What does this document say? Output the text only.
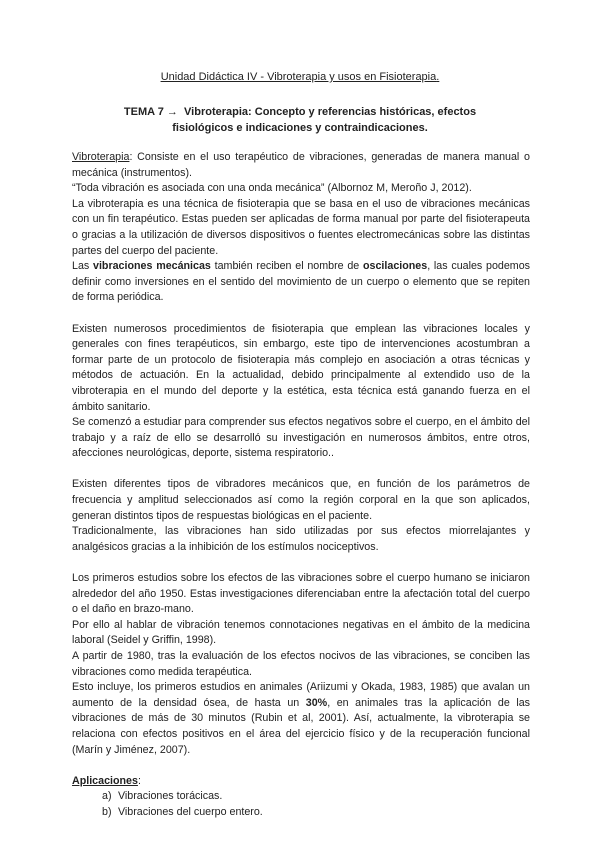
Unidad Didáctica IV - Vibroterapia y usos en Fisioterapia.
TEMA 7 → Vibroterapia: Concepto y referencias históricas, efectos
fisiológicos e indicaciones y contraindicaciones.

Vibroterapia: Consiste en el uso terapéutico de vibraciones, generadas de manera manual o mecánica (instrumentos).

“Toda vibración es asociada con una onda mecánica” (Albornoz M, Meroño J, 2012).

La vibroterapia es una técnica de fisioterapia que se basa en el uso de vibraciones mecánicas con un fin terapéutico. Estas pueden ser aplicadas de forma manual por parte del fisioterapeuta o gracias a la utilización de diversos dispositivos o fuentes electromecánicas sobre las distintas partes del cuerpo del paciente.

Las vibraciones mecánicas también reciben el nombre de oscilaciones, las cuales podemos definir como inversiones en el sentido del movimiento de un cuerpo o elemento que se repiten de forma periódica.

Existen numerosos procedimientos de fisioterapia que emplean las vibraciones locales y generales con fines terapéuticos, sin embargo, este tipo de intervenciones acostumbran a formar parte de un protocolo de fisioterapia más complejo en asociación a otras técnicas y métodos de actuación. En la actualidad, debido principalmente al extendido uso de la vibroterapia en el mundo del deporte y la estética, esta técnica está ganando fuerza en el ámbito sanitario.

Se comenzó a estudiar para comprender sus efectos negativos sobre el cuerpo, en el ámbito del trabajo y a raíz de ello se desarrolló su investigación en numerosos ámbitos, entre otros, afecciones neurológicas, deporte, sistema respiratorio..

Existen diferentes tipos de vibradores mecánicos que, en función de los parámetros de frecuencia y amplitud seleccionados así como la región corporal en la que son aplicados, generan distintos tipos de respuestas biológicas en el paciente.

Tradicionalmente, las vibraciones han sido utilizadas por sus efectos miorrelajantes y analgésicos gracias a la inhibición de los estímulos nociceptivos.

Los primeros estudios sobre los efectos de las vibraciones sobre el cuerpo humano se iniciaron alrededor del año 1950. Estas investigaciones diferenciaban entre la afectación total del cuerpo o el daño en brazo-mano.

Por ello al hablar de vibración tenemos connotaciones negativas en el ámbito de la medicina laboral (Seidel y Griffin, 1998).

A partir de 1980, tras la evaluación de los efectos nocivos de las vibraciones, se conciben las vibraciones como medida terapéutica.

Esto incluye, los primeros estudios en animales (Ariizumi y Okada, 1983, 1985) que avalan un aumento de la densidad ósea, de hasta un 30%, en animales tras la aplicación de las vibraciones de más de 30 minutos (Rubin et al, 2001). Así, actualmente, la vibroterapia se relaciona con efectos positivos en el área del ejercicio físico y de la recuperación funcional (Marín y Jiménez, 2007).

Aplicaciones:

a) Vibraciones torácicas.
b) Vibraciones del cuerpo entero.
